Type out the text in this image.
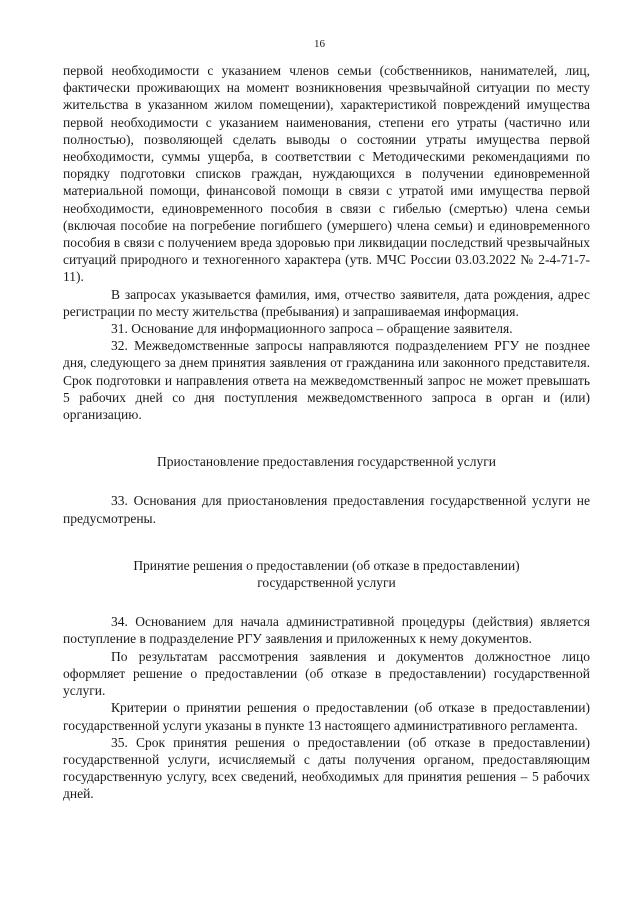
16

первой необходимости с указанием членов семьи (собственников, нанимателей, лиц, фактически проживающих на момент возникновения чрезвычайной ситуации по месту жительства в указанном жилом помещении), характеристикой повреждений имущества первой необходимости с указанием наименования, степени его утраты (частично или полностью), позволяющей сделать выводы о состоянии утраты имущества первой необходимости, суммы ущерба, в соответствии с Методическими рекомендациями по порядку подготовки списков граждан, нуждающихся в получении единовременной материальной помощи, финансовой помощи в связи с утратой ими имущества первой необходимости, единовременного пособия в связи с гибелью (смертью) члена семьи (включая пособие на погребение погибшего (умершего) члена семьи) и единовременного пособия в связи с получением вреда здоровью при ликвидации последствий чрезвычайных ситуаций природного и техногенного характера (утв. МЧС России 03.03.2022 № 2-4-71-7-11).

В запросах указывается фамилия, имя, отчество заявителя, дата рождения, адрес регистрации по месту жительства (пребывания) и запрашиваемая информация.

31. Основание для информационного запроса – обращение заявителя.

32. Межведомственные запросы направляются подразделением РГУ не позднее дня, следующего за днем принятия заявления от гражданина или законного представителя. Срок подготовки и направления ответа на межведомственный запрос не может превышать 5 рабочих дней со дня поступления межведомственного запроса в орган и (или) организацию.

Приостановление предоставления государственной услуги

33. Основания для приостановления предоставления государственной услуги не предусмотрены.

Принятие решения о предоставлении (об отказе в предоставлении)
государственной услуги

34. Основанием для начала административной процедуры (действия) является поступление в подразделение РГУ заявления и приложенных к нему документов.

По результатам рассмотрения заявления и документов должностное лицо оформляет решение о предоставлении (об отказе в предоставлении) государственной услуги.

Критерии о принятии решения о предоставлении (об отказе в предоставлении) государственной услуги указаны в пункте 13 настоящего административного регламента.

35. Срок принятия решения о предоставлении (об отказе в предоставлении) государственной услуги, исчисляемый с даты получения органом, предоставляющим государственную услугу, всех сведений, необходимых для принятия решения – 5 рабочих дней.
